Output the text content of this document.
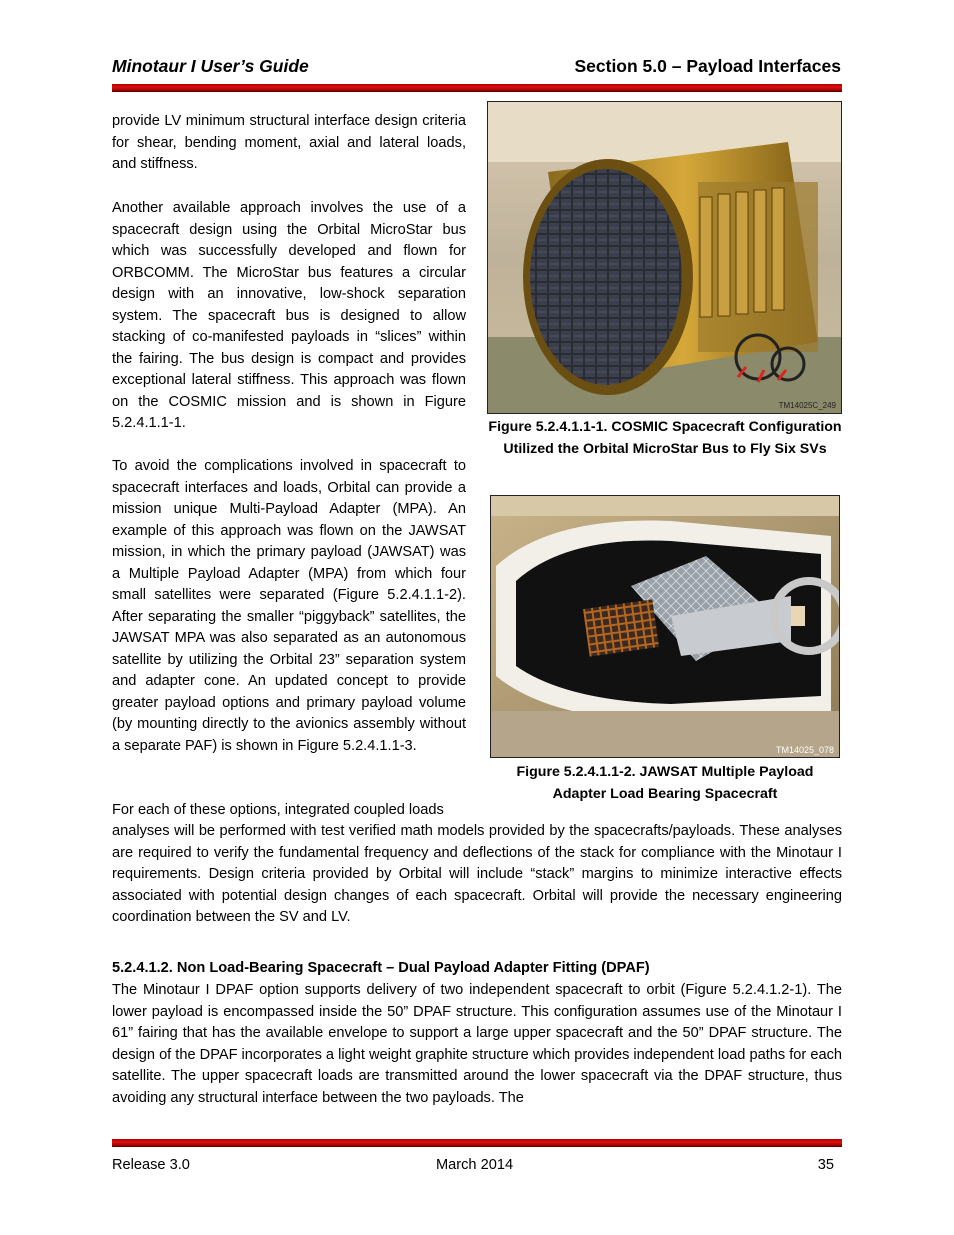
Minotaur I User’s Guide	Section 5.0 – Payload Interfaces
provide LV minimum structural interface design criteria for shear, bending moment, axial and lateral loads, and stiffness.
Another available approach involves the use of a spacecraft design using the Orbital MicroStar bus which was successfully developed and flown for ORBCOMM. The MicroStar bus features a circular design with an innovative, low-shock separation system. The spacecraft bus is designed to allow stacking of co-manifested payloads in “slices” within the fairing. The bus design is compact and provides exceptional lateral stiffness. This approach was flown on the COSMIC mission and is shown in Figure 5.2.4.1.1-1.
To avoid the complications involved in spacecraft to spacecraft interfaces and loads, Orbital can provide a mission unique Multi-Payload Adapter (MPA). An example of this approach was flown on the JAWSAT mission, in which the primary payload (JAWSAT) was a Multiple Payload Adapter (MPA) from which four small satellites were separated (Figure 5.2.4.1.1-2). After separating the smaller “piggyback” satellites, the JAWSAT MPA was also separated as an autonomous satellite by utilizing the Orbital 23” separation system and adapter cone. An updated concept to provide greater payload options and primary payload volume (by mounting directly to the avionics assembly without a separate PAF) is shown in Figure 5.2.4.1.1-3.
For each of these options, integrated coupled loads
TM14025C_249
Figure 5.2.4.1.1-1. COSMIC Spacecraft Configuration Utilized the Orbital MicroStar Bus to Fly Six SVs
TM14025_078
Figure 5.2.4.1.1-2. JAWSAT Multiple Payload Adapter Load Bearing Spacecraft
analyses will be performed with test verified math models provided by the spacecrafts/payloads. These analyses are required to verify the fundamental frequency and deflections of the stack for compliance with the Minotaur I requirements. Design criteria provided by Orbital will include “stack” margins to minimize interactive effects associated with potential design changes of each spacecraft. Orbital will provide the necessary engineering coordination between the SV and LV.
5.2.4.1.2. Non Load-Bearing Spacecraft – Dual Payload Adapter Fitting (DPAF)
The Minotaur I DPAF option supports delivery of two independent spacecraft to orbit (Figure 5.2.4.1.2-1). The lower payload is encompassed inside the 50” DPAF structure. This configuration assumes use of the Minotaur I 61” fairing that has the available envelope to support a large upper spacecraft and the 50” DPAF structure. The design of the DPAF incorporates a light weight graphite structure which provides independent load paths for each satellite. The upper spacecraft loads are transmitted around the lower spacecraft via the DPAF structure, thus avoiding any structural interface between the two payloads. The
Release 3.0	March 2014	35
